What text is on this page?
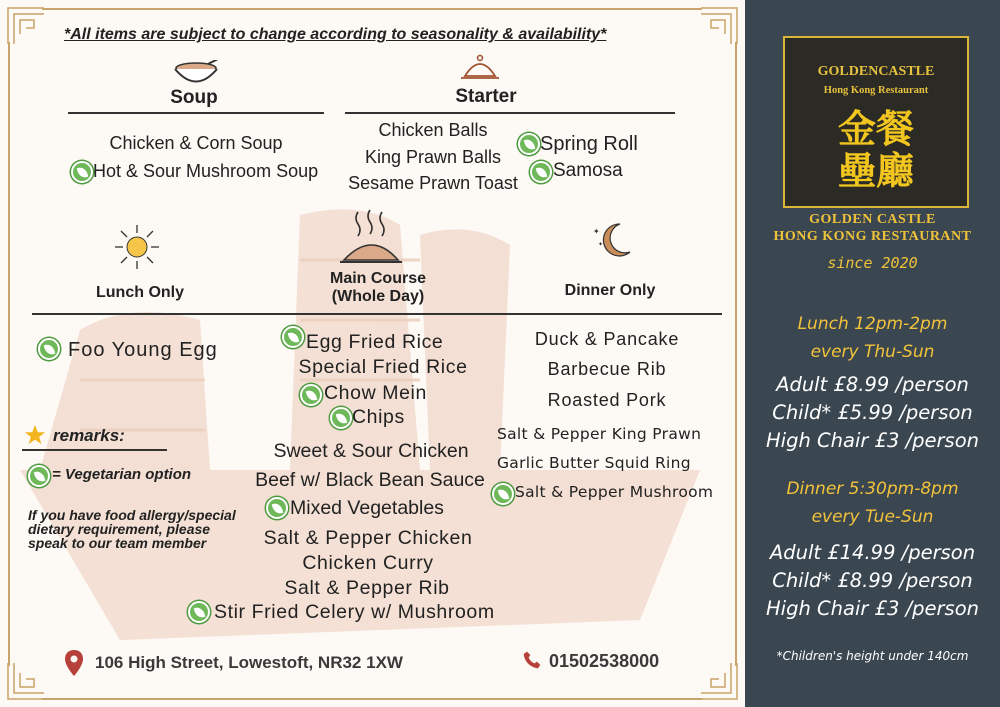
*All items are subject to change according to seasonality & availability*
Soup
Chicken & Corn Soup
Hot & Sour Mushroom Soup
Starter
Chicken Balls
King Prawn Balls
Sesame Prawn Toast
Spring Roll
Samosa
Lunch Only
Main Course
(Whole Day)
✦
✦
Dinner Only
Foo Young Egg	Egg Fried Rice
Special Fried Rice
Chow Mein
Chips
Sweet & Sour Chicken
Beef w/ Black Bean Sauce
Mixed Vegetables
Salt & Pepper Chicken
Chicken Curry
Salt & Pepper Rib
Stir Fried Celery w/ Mushroom
Duck & Pancake
Barbecue Rib
Roasted Pork
Salt & Pepper King Prawn
Garlic Butter Squid Ring
Salt & Pepper Mushroom
remarks:
= Vegetarian option
If you have food allergy/special dietary requirement, please speak to our team member
106 High Street, Lowestoft, NR32 1XW	01502538000
GOLDENCASTLE
Hong Kong Restaurant
金餐
壘廳
GOLDEN CASTLE
HONG KONG RESTAURANT
since 2020
Lunch 12pm-2pm
every Thu-Sun
Adult £8.99 /person
Child* £5.99 /person
High Chair £3 /person
Dinner 5:30pm-8pm
every Tue-Sun
Adult £14.99 /person
Child* £8.99 /person
High Chair £3 /person
*Children's height under 140cm
